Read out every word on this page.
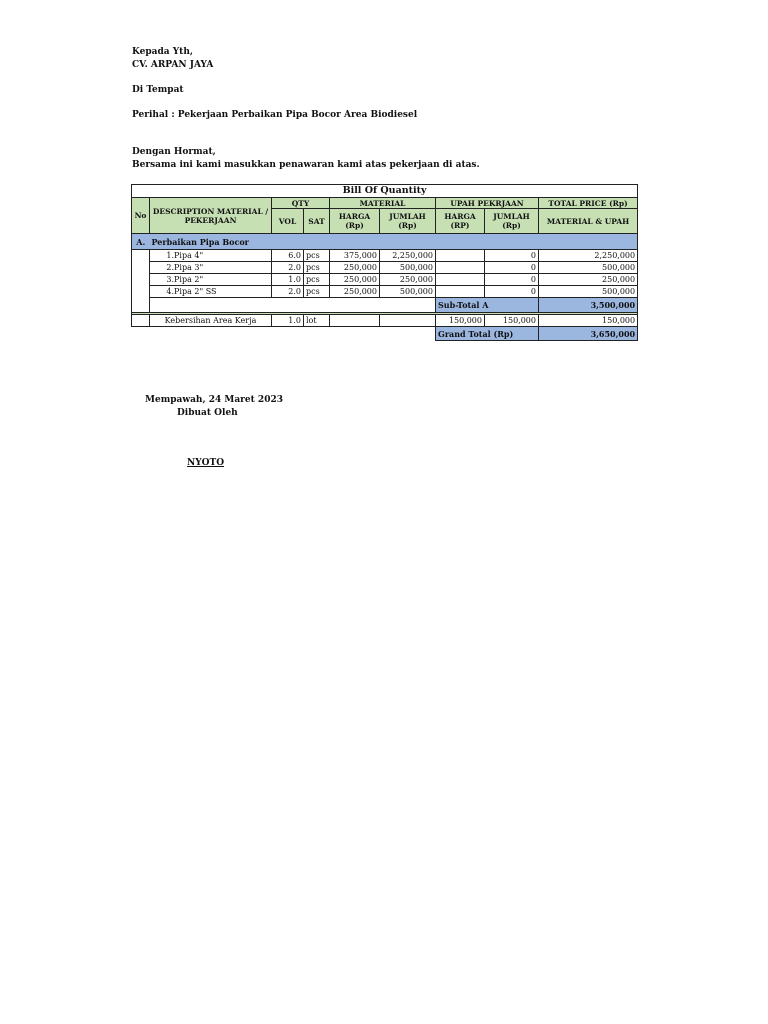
Kepada Yth,
CV. ARPAN JAYA
Di Tempat
Perihal : Pekerjaan Perbaikan Pipa Bocor Area Biodiesel
Dengan Hormat,
Bersama ini kami masukkan penawaran kami atas pekerjaan di atas.
Bill Of Quantity								
No	DESCRIPTION MATERIAL / PEKERJAAN	QTY		MATERIAL		UPAH PEKRJAAN		TOTAL PRICE (Rp)
		VOL	SAT	HARGA (Rp)	JUMLAH (Rp)	HARGA (RP)	JUMLAH (Rp)	MATERIAL & UPAH
A.	Perbaikan Pipa Bocor							
	1.Pipa 4"	6.0	pcs	375,000	2,250,000		0	2,250,000
	2.Pipa 3"	2.0	pcs	250,000	500,000		0	500,000
	3.Pipa 2"	1.0	pcs	250,000	250,000		0	250,000
	4.Pipa 2" SS	2.0	pcs	250,000	500,000		0	500,000
						Sub-Total A		3,500,000

	Kebersihan Area Kerja	1.0	lot			150,000	150,000	150,000
						Grand Total (Rp)		3,650,000
Mempawah, 24 Maret 2023
Dibuat Oleh
NYOTO
